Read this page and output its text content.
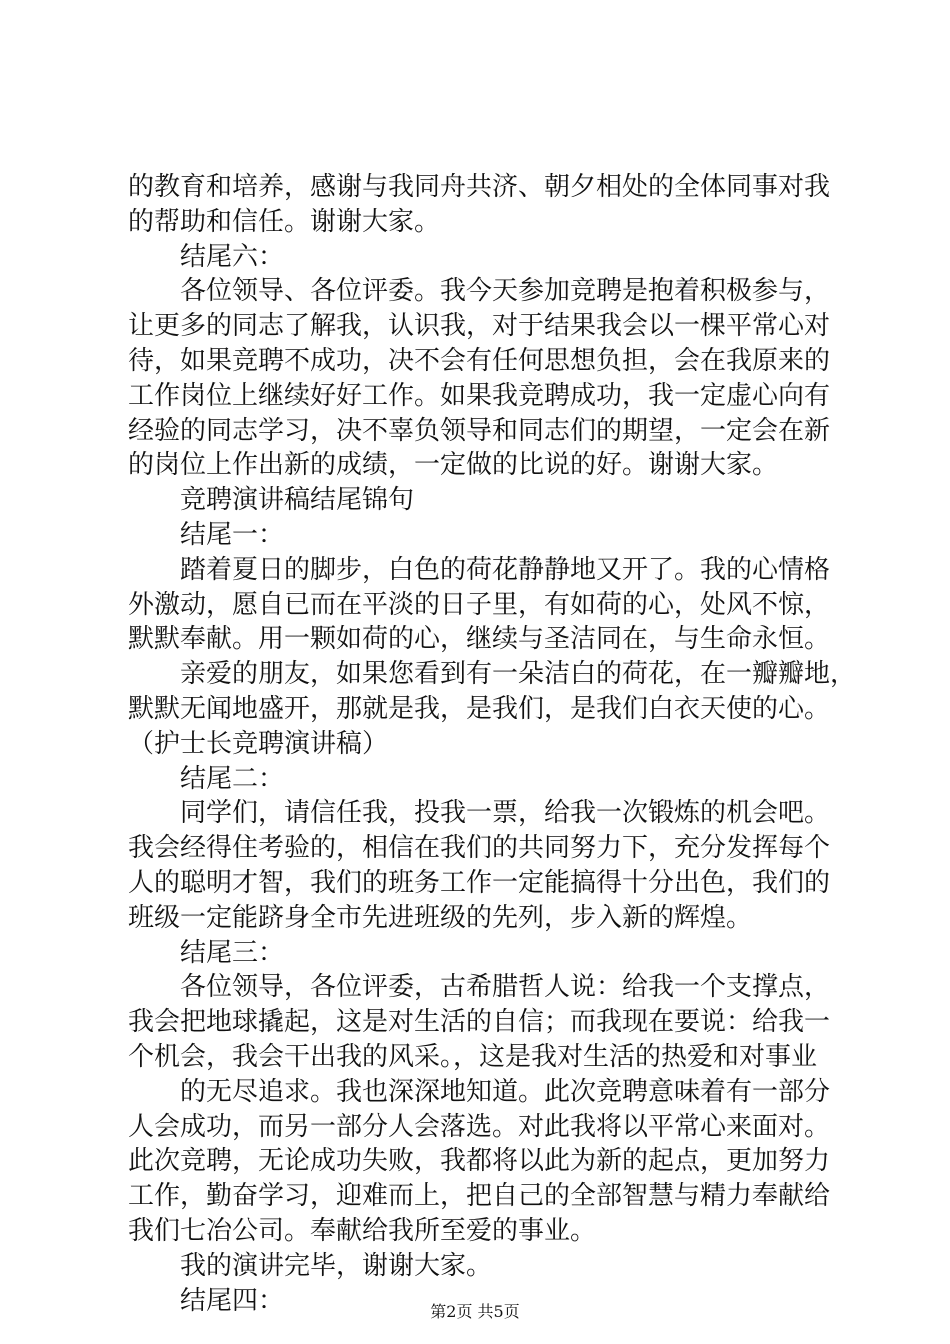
的教育和培养，感谢与我同舟共济、朝夕相处的全体同事对我

的帮助和信任。谢谢大家。

　　结尾六：

　　各位领导、各位评委。我今天参加竞聘是抱着积极参与，

让更多的同志了解我，认识我，对于结果我会以一棵平常心对

待，如果竞聘不成功，决不会有任何思想负担，会在我原来的

工作岗位上继续好好工作。如果我竞聘成功，我一定虚心向有

经验的同志学习，决不辜负领导和同志们的期望，一定会在新

的岗位上作出新的成绩，一定做的比说的好。谢谢大家。

　　竞聘演讲稿结尾锦句

　　结尾一：

　　踏着夏日的脚步，白色的荷花静静地又开了。我的心情格

外激动，愿自已而在平淡的日子里，有如荷的心，处风不惊，

默默奉献。用一颗如荷的心，继续与圣洁同在，与生命永恒。

　　亲爱的朋友，如果您看到有一朵洁白的荷花，在一瓣瓣地，

默默无闻地盛开，那就是我，是我们，是我们白衣天使的心。

（护士长竞聘演讲稿）

　　结尾二：

　　同学们，请信任我，投我一票，给我一次锻炼的机会吧。

我会经得住考验的，相信在我们的共同努力下，充分发挥每个

人的聪明才智，我们的班务工作一定能搞得十分出色，我们的

班级一定能跻身全市先进班级的先列，步入新的辉煌。

　　结尾三：

　　各位领导，各位评委，古希腊哲人说：给我一个支撑点，

我会把地球撬起，这是对生活的自信；而我现在要说：给我一

个机会，我会干出我的风采。，这是我对生活的热爱和对事业

　　的无尽追求。我也深深地知道。此次竞聘意味着有一部分

人会成功，而另一部分人会落选。对此我将以平常心来面对。

此次竞聘，无论成功失败，我都将以此为新的起点，更加努力

工作，勤奋学习，迎难而上，把自己的全部智慧与精力奉献给

我们七冶公司。奉献给我所至爱的事业。

　　我的演讲完毕，谢谢大家。

　　结尾四：	第2页 共5页
